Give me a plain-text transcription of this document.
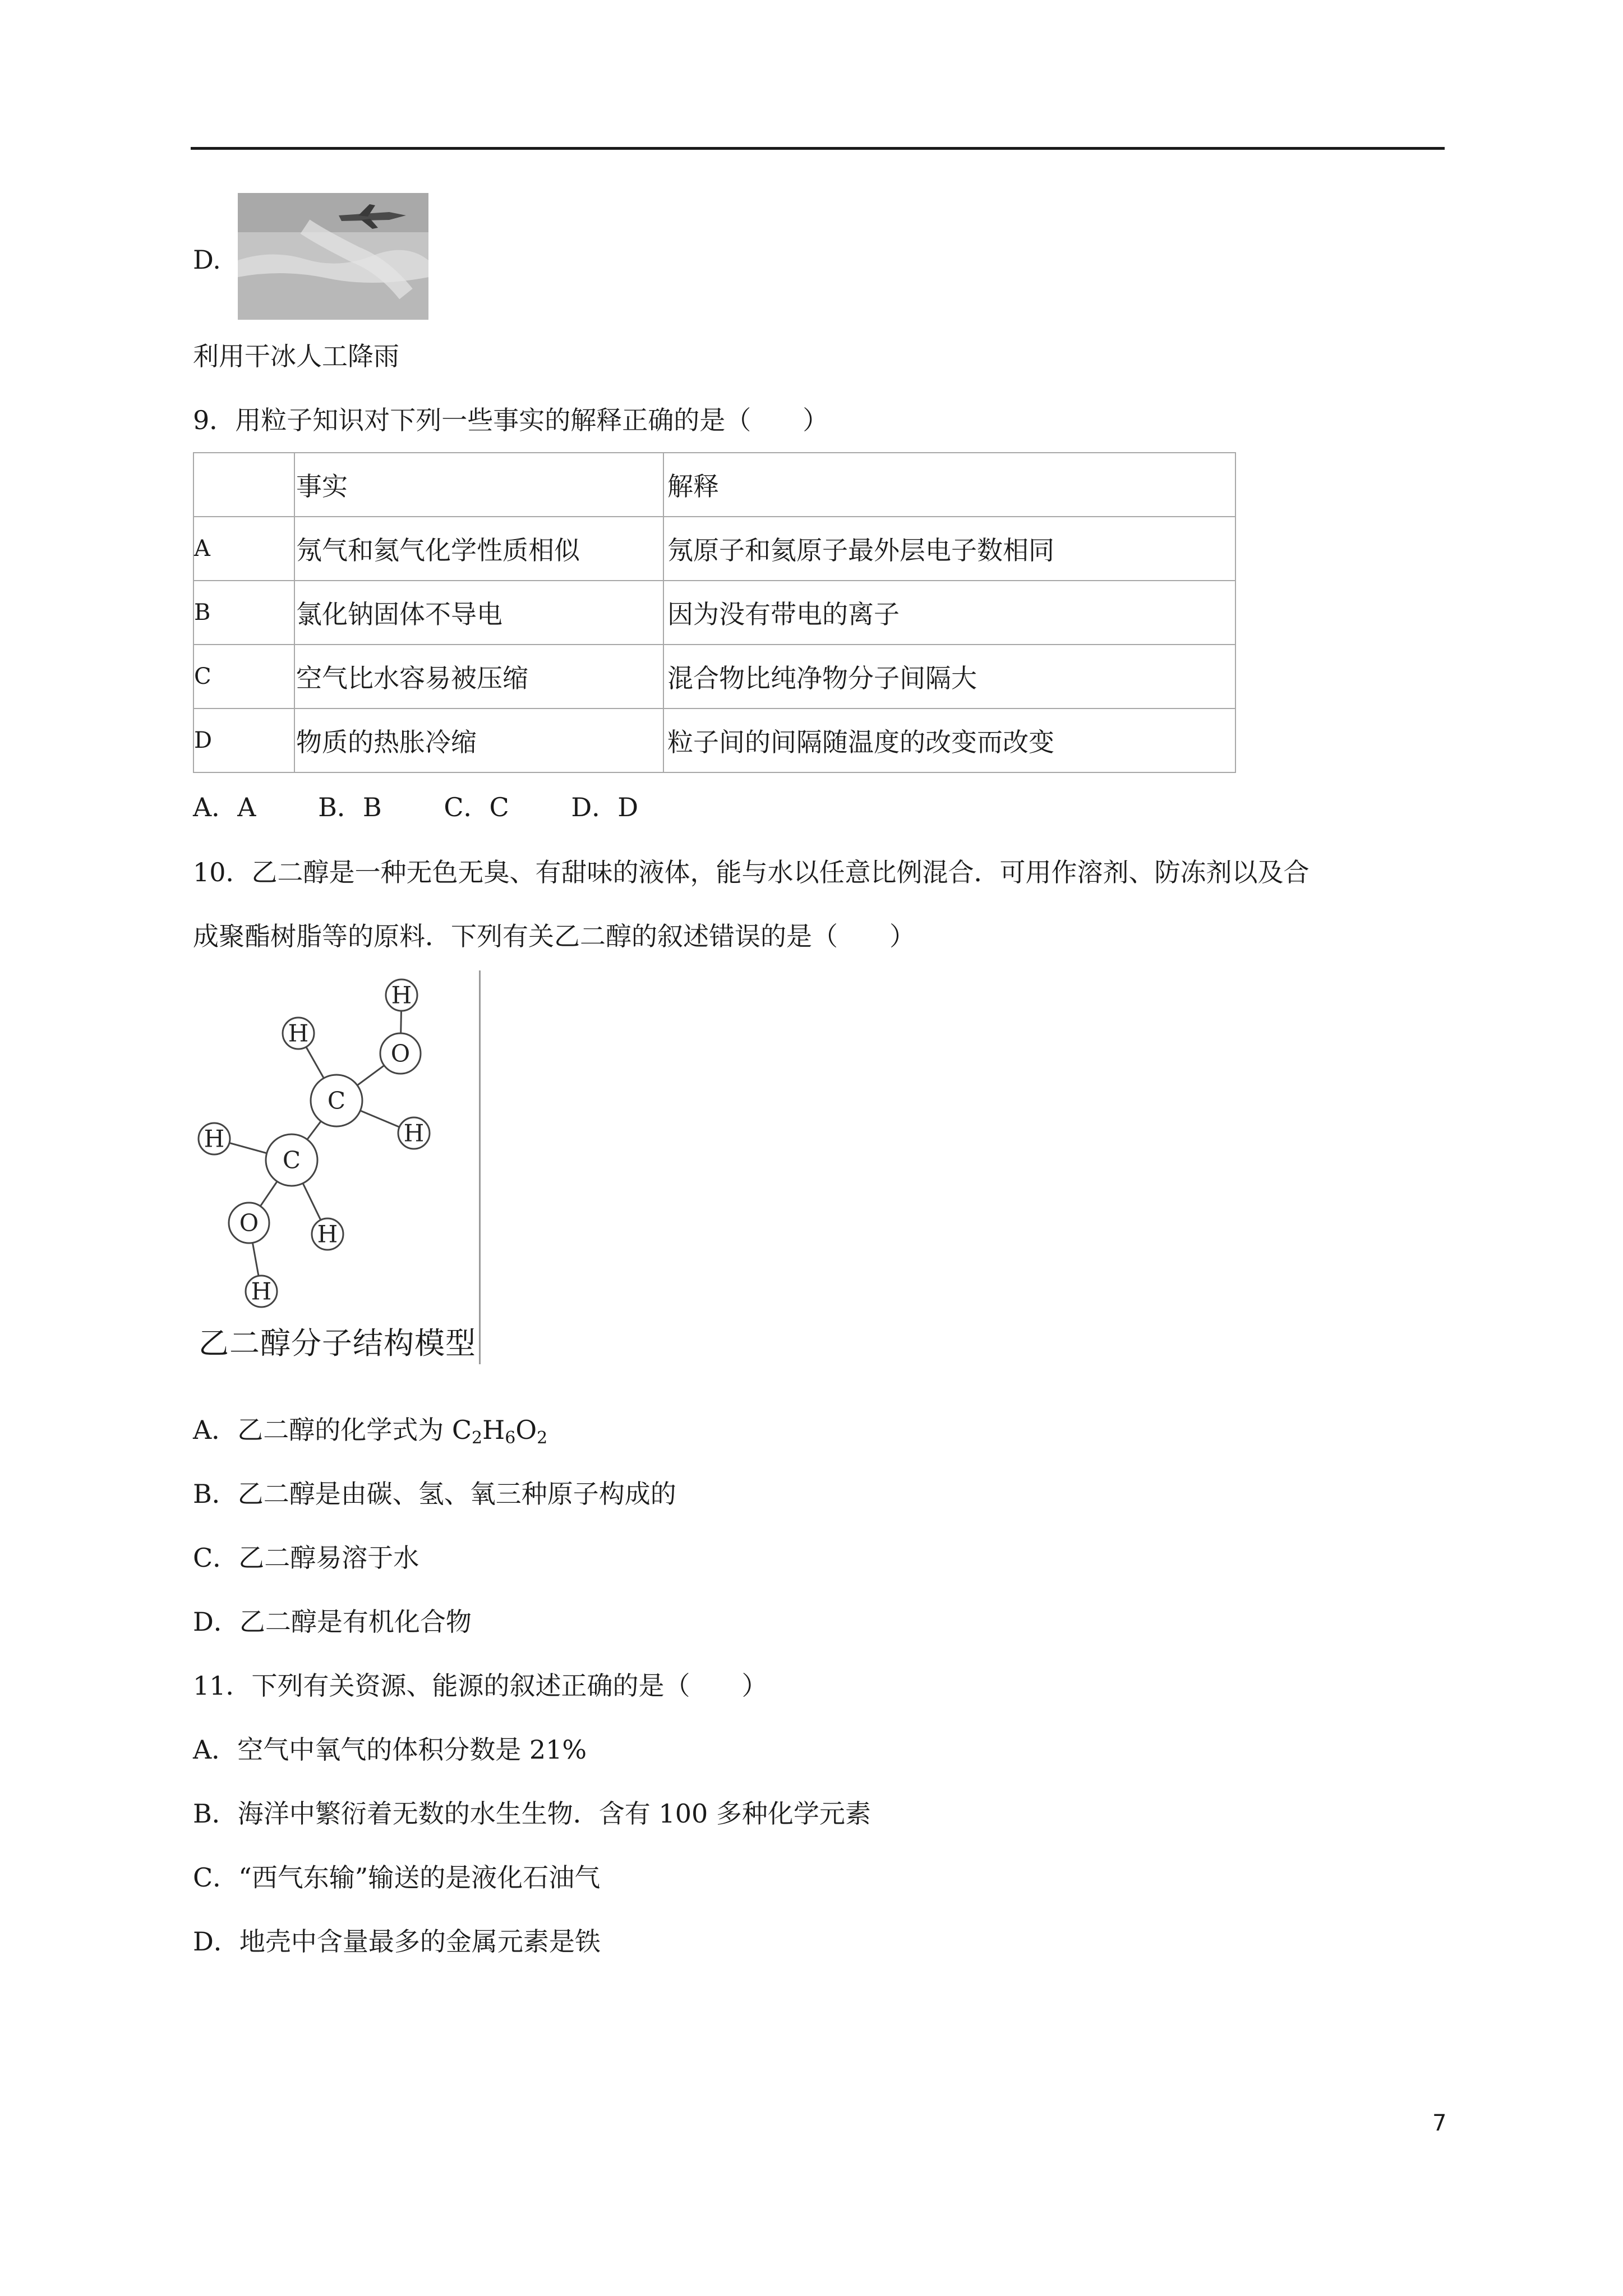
D.
利用干冰人工降雨
9．用粒子知识对下列一些事实的解释正确的是（　　）
	事实	解释
A	氖气和氦气化学性质相似	氖原子和氦原子最外层电子数相同
B	氯化钠固体不导电	因为没有带电的离子
C	空气比水容易被压缩	混合物比纯净物分子间隔大
D	物质的热胀冷缩	粒子间的间隔随温度的改变而改变
A．A B．B C．C D．D
10．乙二醇是一种无色无臭、有甜味的液体，能与水以任意比例混合．可用作溶剂、防冻剂以及合
成聚酯树脂等的原料．下列有关乙二醇的叙述错误的是（　　）
H
H
O
C
H
H
C
H
O
H
乙二醇分子结构模型
A．乙二醇的化学式为 $C_2H_6O_2$
B．乙二醇是由碳、氢、氧三种原子构成的
C．乙二醇易溶于水
D．乙二醇是有机化合物
11．下列有关资源、能源的叙述正确的是（　　）
A．空气中氧气的体积分数是 21%
B．海洋中繁衍着无数的水生生物．含有 100 多种化学元素
C．“西气东输”输送的是液化石油气
D．地壳中含量最多的金属元素是铁
7
